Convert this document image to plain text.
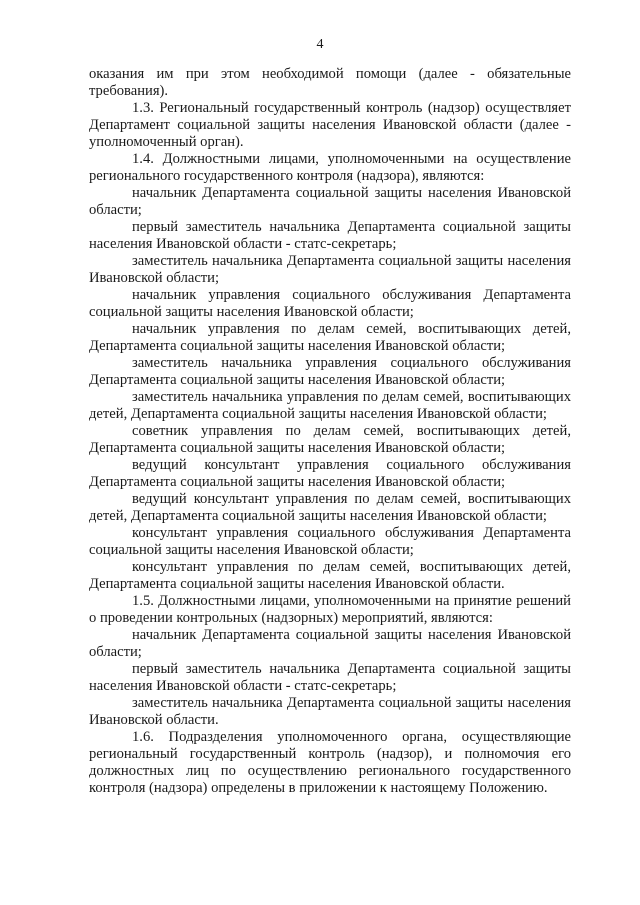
4

оказания им при этом необходимой помощи (далее - обязательные требования).

1.3. Региональный государственный контроль (надзор) осуществляет Департамент социальной защиты населения Ивановской области (далее - уполномоченный орган).

1.4. Должностными лицами, уполномоченными на осуществление регионального государственного контроля (надзора), являются:

начальник Департамента социальной защиты населения Ивановской области;

первый заместитель начальника Департамента социальной защиты населения Ивановской области - статс-секретарь;

заместитель начальника Департамента социальной защиты населения Ивановской области;

начальник управления социального обслуживания Департамента социальной защиты населения Ивановской области;

начальник управления по делам семей, воспитывающих детей, Департамента социальной защиты населения Ивановской области;

заместитель начальника управления социального обслуживания Департамента социальной защиты населения Ивановской области;

заместитель начальника управления по делам семей, воспитывающих детей, Департамента социальной защиты населения Ивановской области;

советник управления по делам семей, воспитывающих детей, Департамента социальной защиты населения Ивановской области;

ведущий консультант управления социального обслуживания Департамента социальной защиты населения Ивановской области;

ведущий консультант управления по делам семей, воспитывающих детей, Департамента социальной защиты населения Ивановской области;

консультант управления социального обслуживания Департамента социальной защиты населения Ивановской области;

консультант управления по делам семей, воспитывающих детей, Департамента социальной защиты населения Ивановской области.

1.5. Должностными лицами, уполномоченными на принятие решений о проведении контрольных (надзорных) мероприятий, являются:

начальник Департамента социальной защиты населения Ивановской области;

первый заместитель начальника Департамента социальной защиты населения Ивановской области - статс-секретарь;

заместитель начальника Департамента социальной защиты населения Ивановской области.

1.6. Подразделения уполномоченного органа, осуществляющие региональный государственный контроль (надзор), и полномочия его должностных лиц по осуществлению регионального государственного контроля (надзора) определены в приложении к настоящему Положению.
